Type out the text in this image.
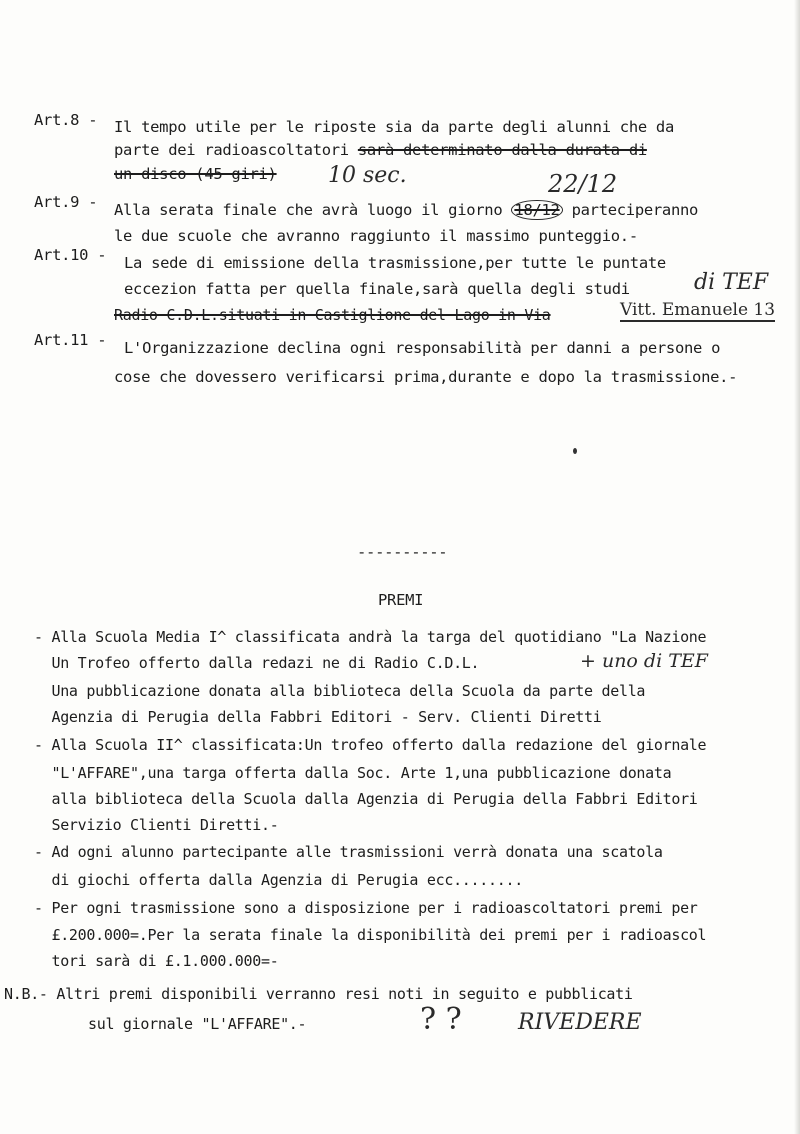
Art.8 - Il tempo utile per le riposte sia da parte degli alunni che da
parte dei radioascoltatori sarà determinato dalla durata di
un disco (45 giri) 10 sec.	22/12
Art.9 - Alla serata finale che avrà luogo il giorno 18/12 parteciperanno
le due scuole che avranno raggiunto il massimo punteggio.-
Art.10 - La sede di emissione della trasmissione,per tutte le puntate
eccezion fatta per quella finale,sarà quella degli studi	di TEF
Radio C.D.L.situati in Castiglione del Lago in Via	Vitt. Emanuele 13
Art.11 - L'Organizzazione declina ogni responsabilità per danni a persone o
cose che dovessero verificarsi prima,durante e dopo la trasmissione.-
----------
PREMI
- Alla Scuola Media I^ classificata andrà la targa del quotidiano "La Nazione
Un Trofeo offerto dalla redazi ne di Radio C.D.L.	+ uno di TEF
Una pubblicazione donata alla biblioteca della Scuola da parte della
Agenzia di Perugia della Fabbri Editori - Serv. Clienti Diretti
- Alla Scuola II^ classificata:Un trofeo offerto dalla redazione del giornale
"L'AFFARE",una targa offerta dalla Soc. Arte 1,una pubblicazione donata
alla biblioteca della Scuola dalla Agenzia di Perugia della Fabbri Editori
Servizio Clienti Diretti.-
- Ad ogni alunno partecipante alle trasmissioni verrà donata una scatola
di giochi offerta dalla Agenzia di Perugia ecc........
- Per ogni trasmissione sono a disposizione per i radioascoltatori premi per
£.200.000=.Per la serata finale la disponibilità dei premi per i radioascol
tori sarà di £.1.000.000=-
N.B.- Altri premi disponibili verranno resi noti in seguito e pubblicati
sul giornale "L'AFFARE".-	? ?	RIVEDERE
